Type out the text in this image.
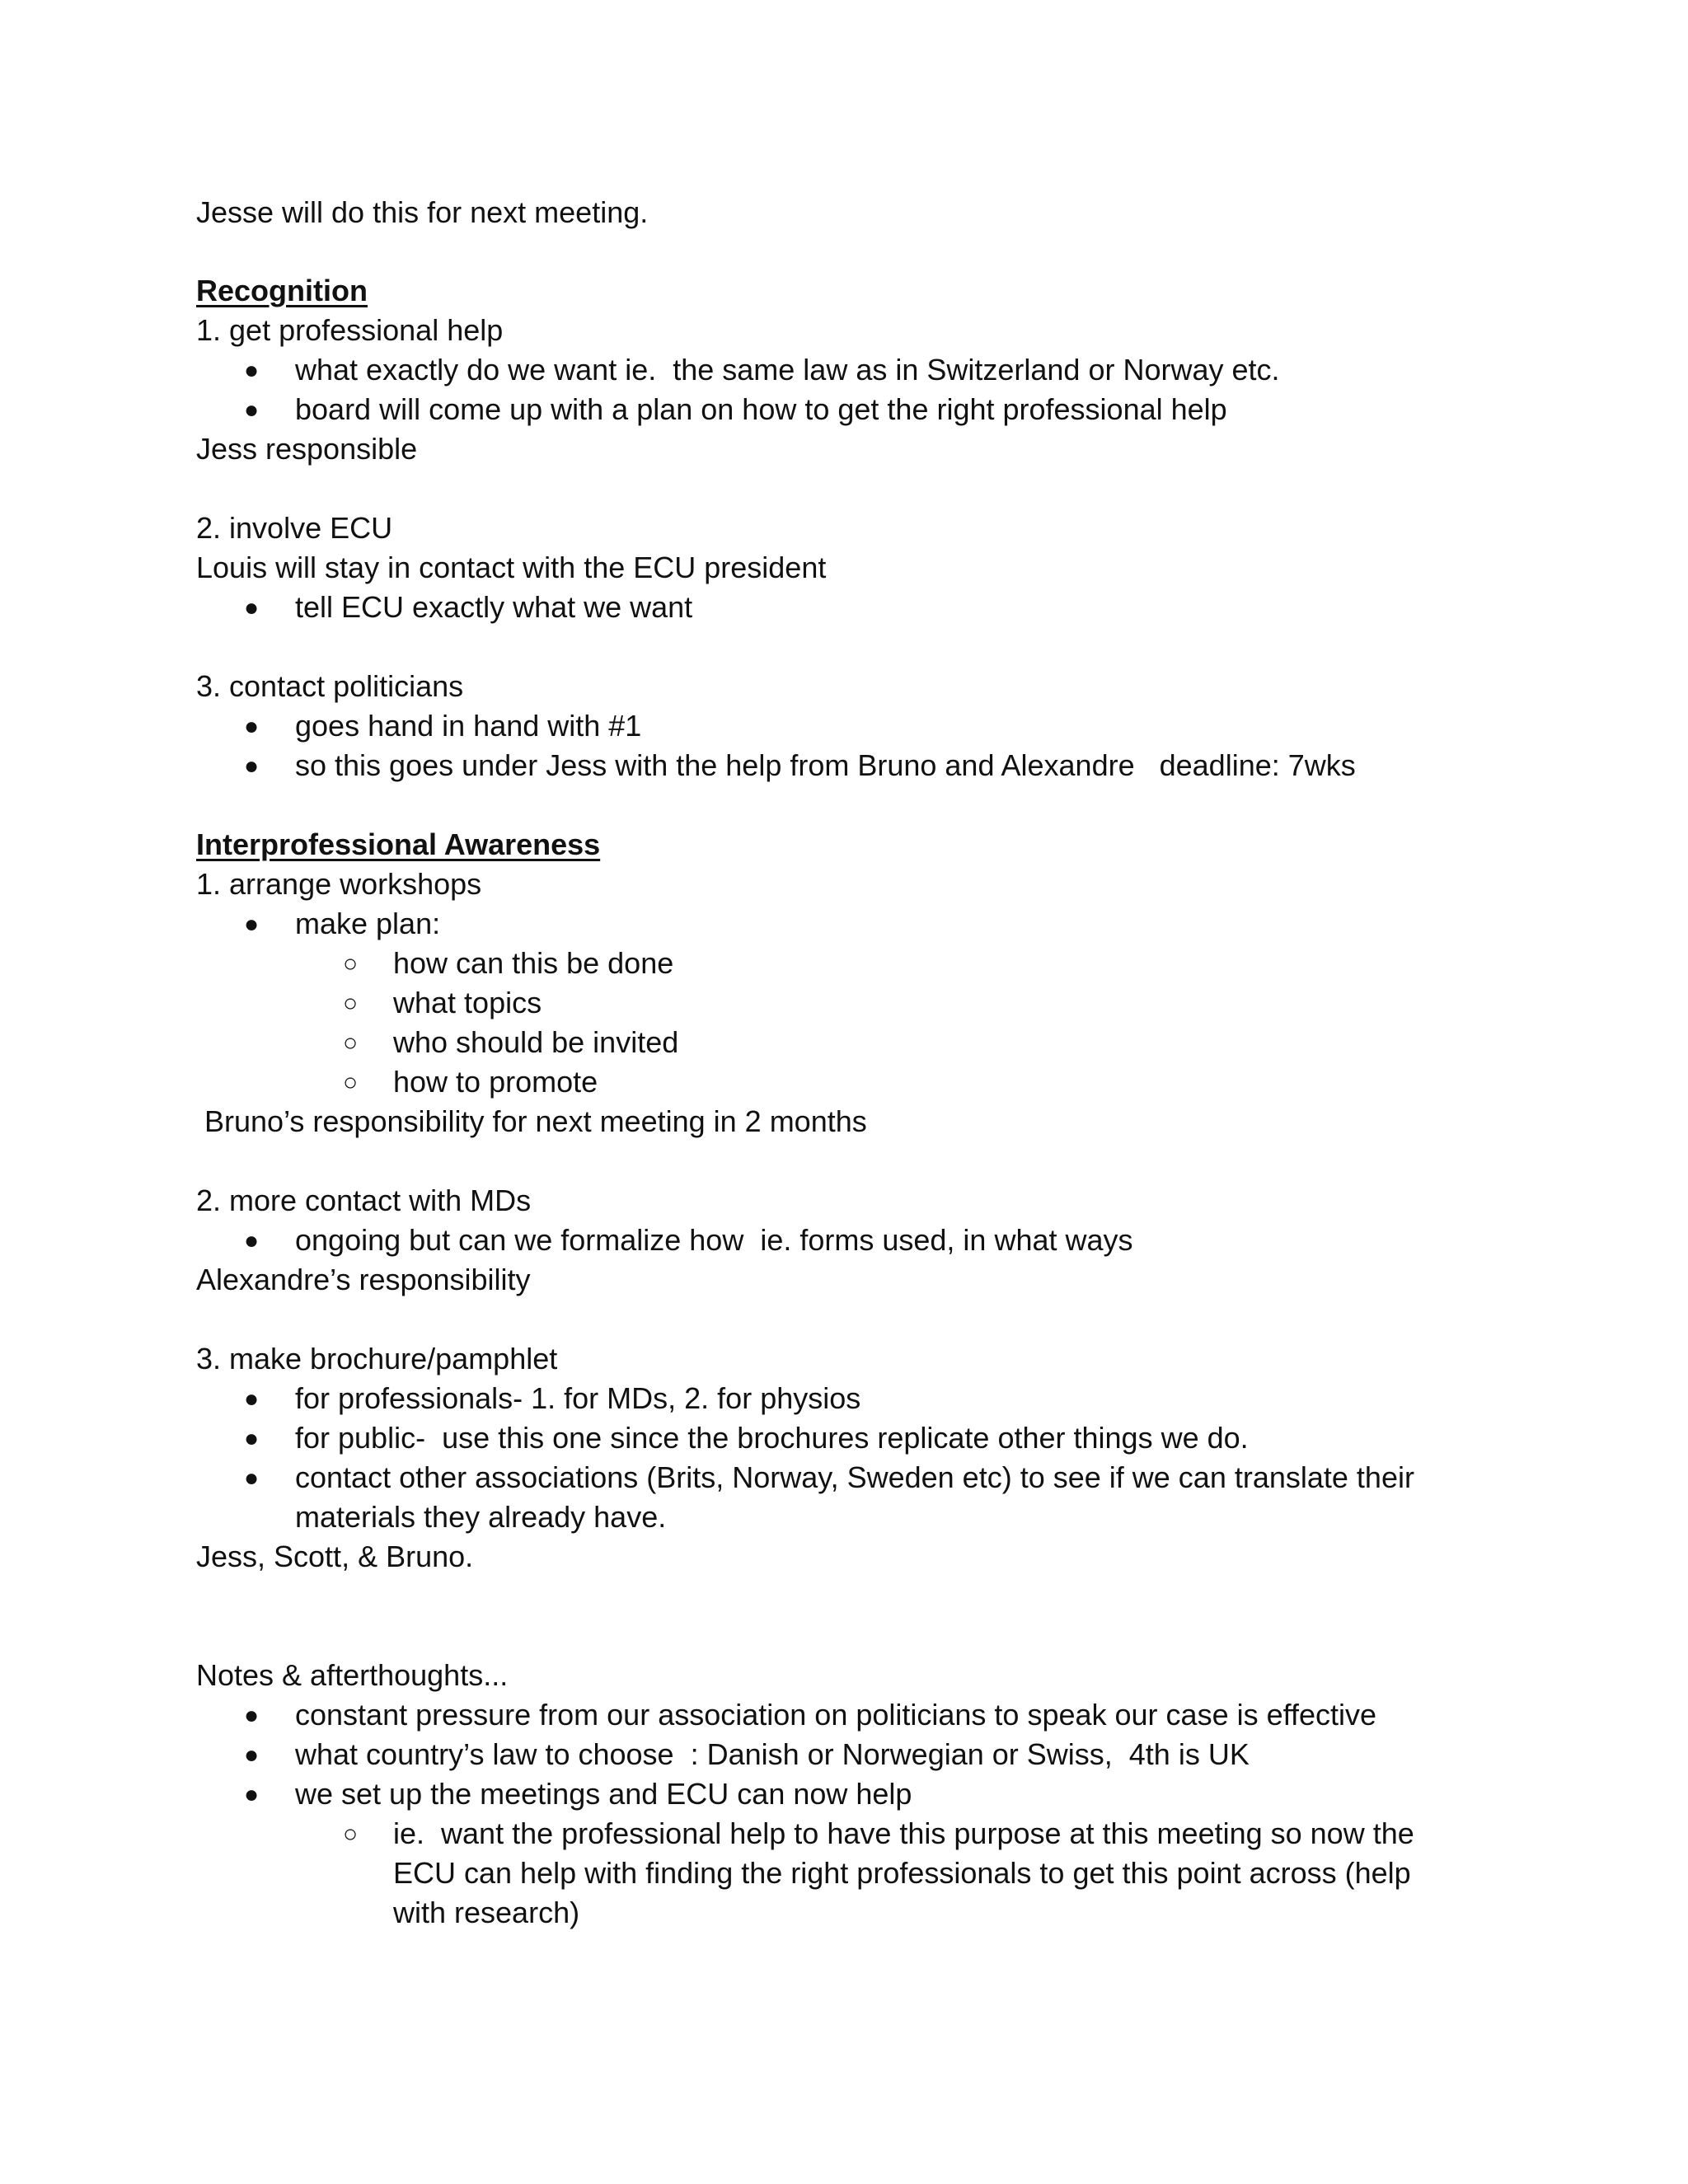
Jesse will do this for next meeting.
Recognition
1. get professional help
● what exactly do we want ie.  the same law as in Switzerland or Norway etc.
● board will come up with a plan on how to get the right professional help
Jess responsible
2. involve ECU
Louis will stay in contact with the ECU president
● tell ECU exactly what we want
3. contact politicians
● goes hand in hand with #1
● so this goes under Jess with the help from Bruno and Alexandre   deadline: 7wks
Interprofessional Awareness
1. arrange workshops
● make plan:
○ how can this be done
○ what topics
○ who should be invited
○ how to promote
Bruno’s responsibility for next meeting in 2 months
2. more contact with MDs
● ongoing but can we formalize how  ie. forms used, in what ways
Alexandre’s responsibility
3. make brochure/pamphlet
● for professionals- 1. for MDs, 2. for physios
● for public-  use this one since the brochures replicate other things we do.
● contact other associations (Brits, Norway, Sweden etc) to see if we can translate their
materials they already have.
Jess, Scott, & Bruno.
Notes & afterthoughts...
● constant pressure from our association on politicians to speak our case is effective
● what country’s law to choose  : Danish or Norwegian or Swiss,  4th is UK
● we set up the meetings and ECU can now help
○ ie.  want the professional help to have this purpose at this meeting so now the
ECU can help with finding the right professionals to get this point across (help
with research)
